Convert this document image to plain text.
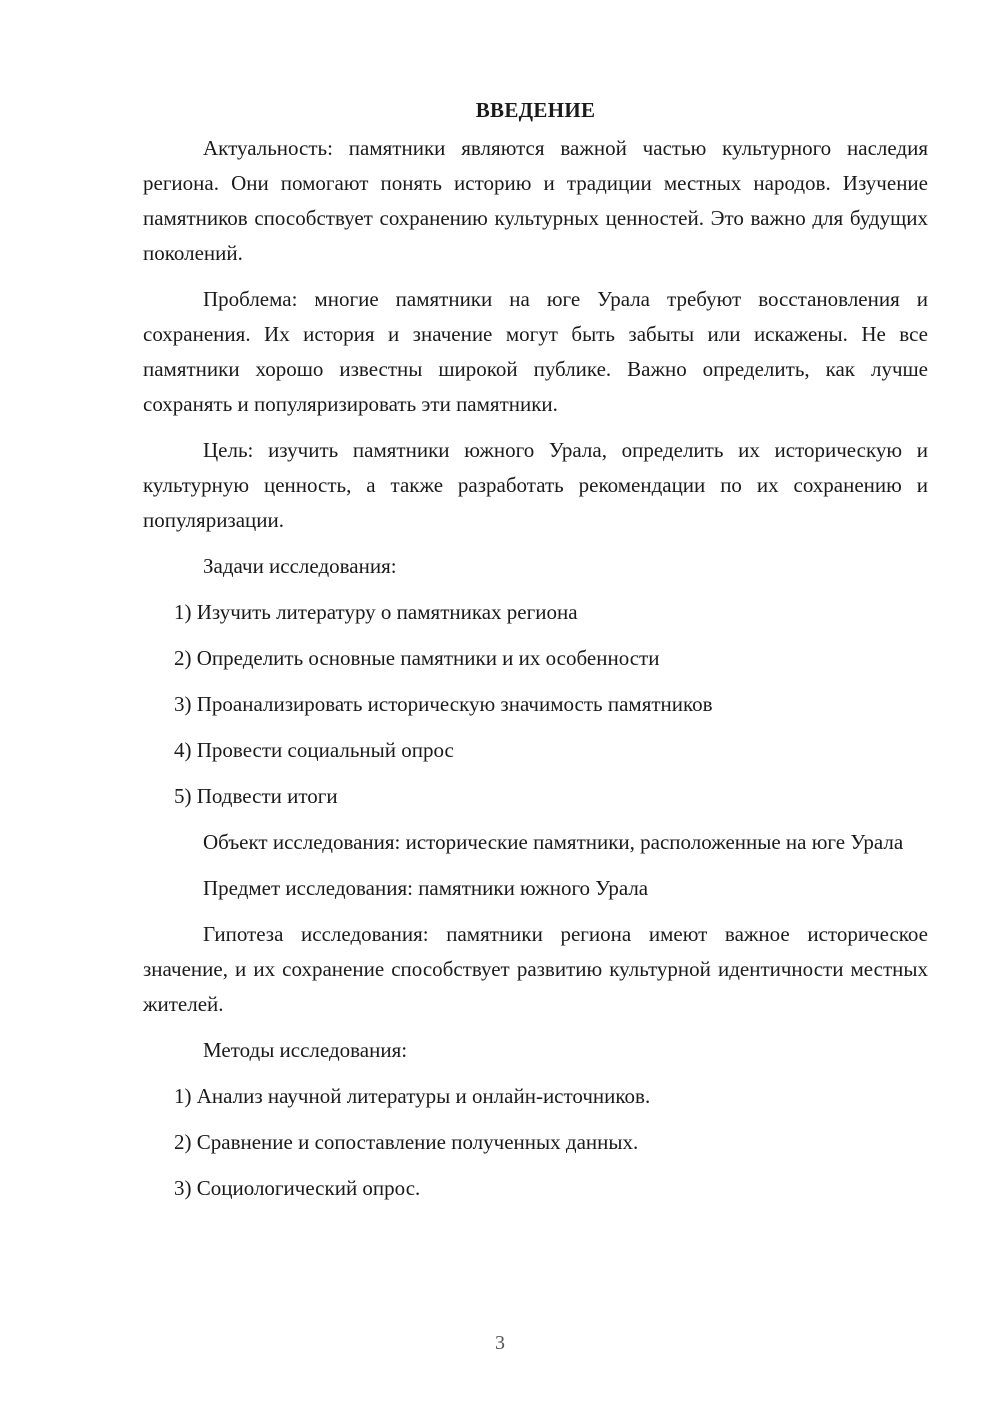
ВВЕДЕНИЕ

Актуальность: памятники являются важной частью культурного наследия региона. Они помогают понять историю и традиции местных народов. Изучение памятников способствует сохранению культурных ценностей. Это важно для будущих поколений.

Проблема: многие памятники на юге Урала требуют восстановления и сохранения. Их история и значение могут быть забыты или искажены. Не все памятники хорошо известны широкой публике. Важно определить, как лучше сохранять и популяризировать эти памятники.

Цель: изучить памятники южного Урала, определить их историческую и культурную ценность, а также разработать рекомендации по их сохранению и популяризации.

Задачи исследования:

1) Изучить литературу о памятниках региона
2) Определить основные памятники и их особенности
3) Проанализировать историческую значимость памятников
4) Провести социальный опрос
5) Подвести итоги

Объект исследования: исторические памятники, расположенные на юге Урала

Предмет исследования: памятники южного Урала

Гипотеза исследования: памятники региона имеют важное историческое значение, и их сохранение способствует развитию культурной идентичности местных жителей.

Методы исследования:

1) Анализ научной литературы и онлайн-источников.
2) Сравнение и сопоставление полученных данных.
3) Социологический опрос.
3
